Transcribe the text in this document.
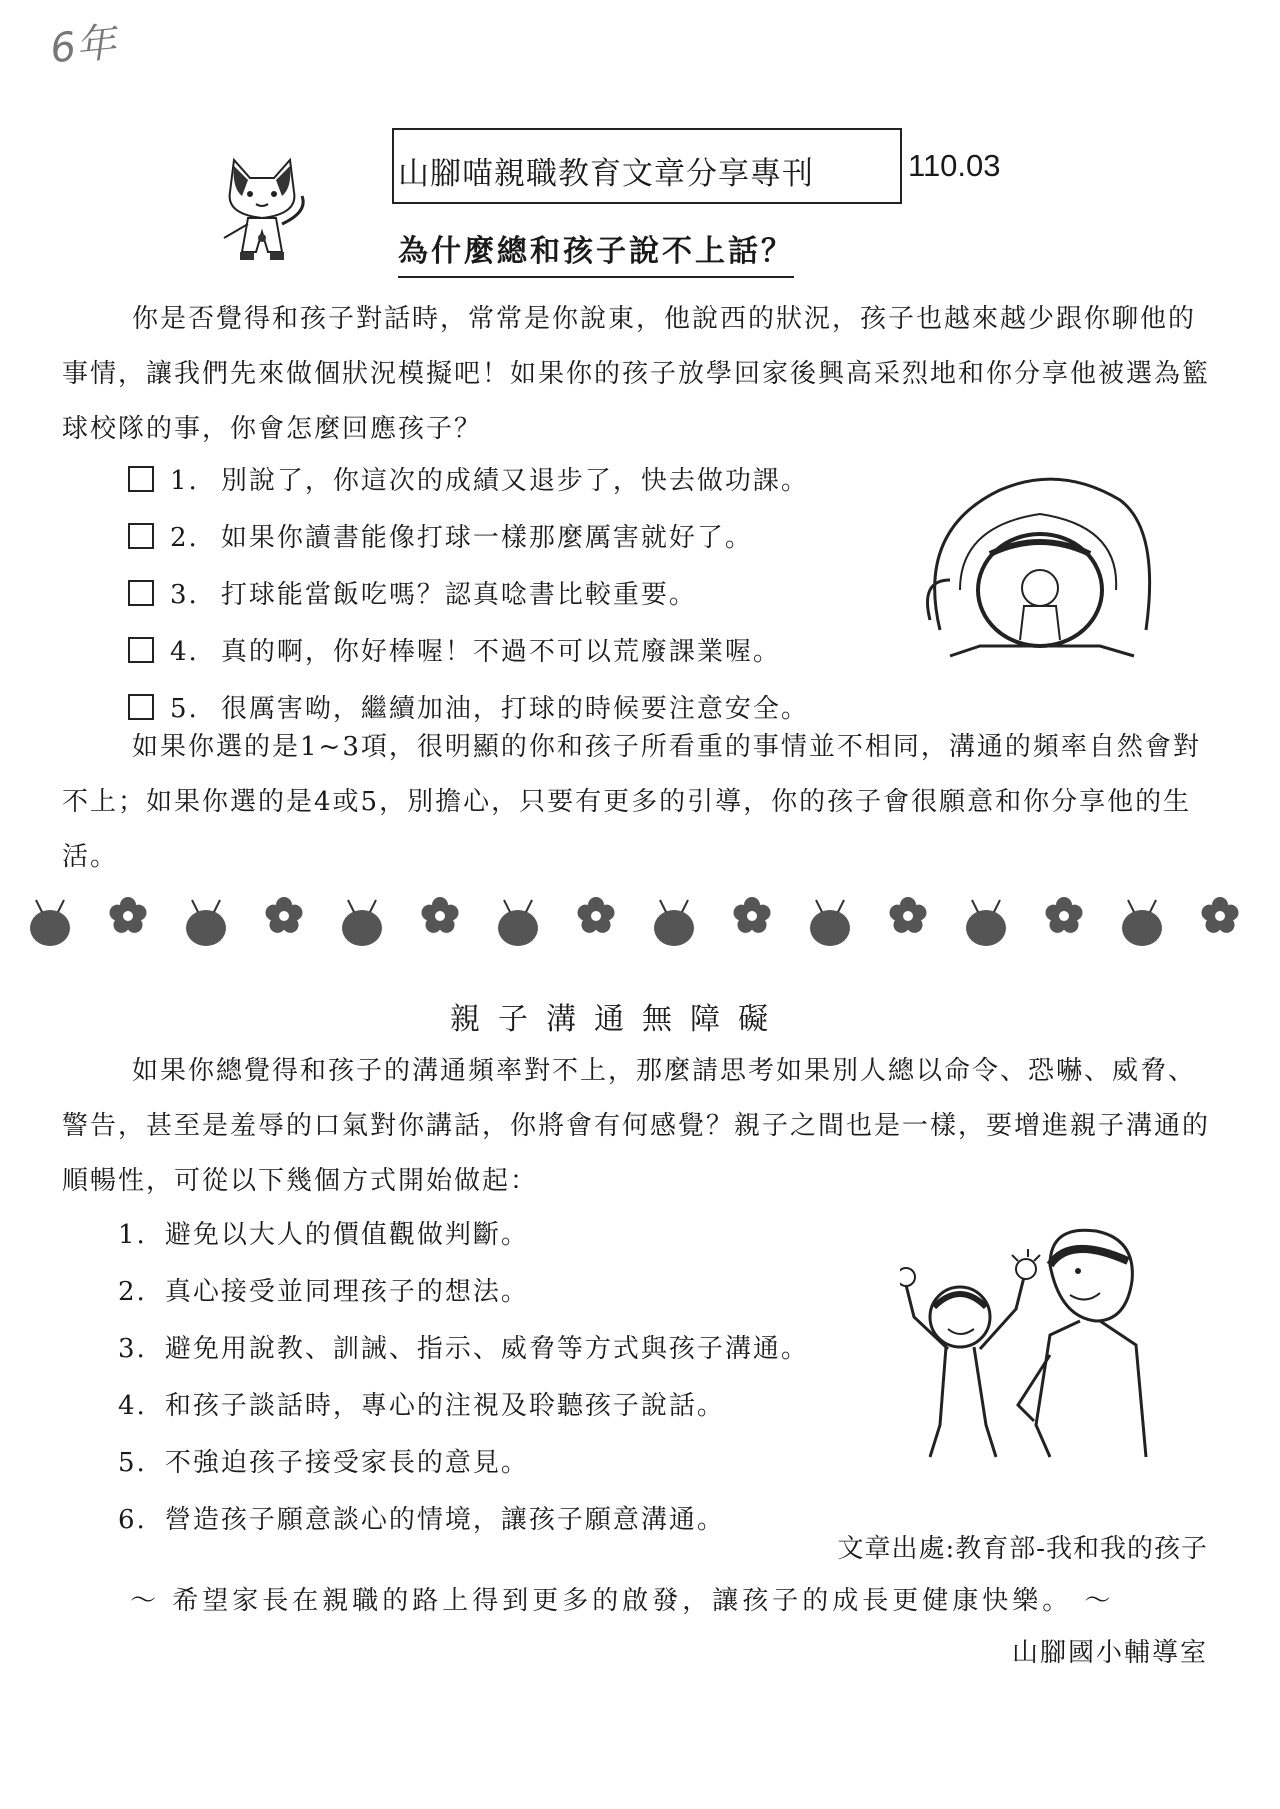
6年
山腳喵親職教育文章分享專刊	110.03
為什麼總和孩子說不上話？
你是否覺得和孩子對話時，常常是你說東，他說西的狀況，孩子也越來越少跟你聊他的事情，讓我們先來做個狀況模擬吧！如果你的孩子放學回家後興高采烈地和你分享他被選為籃球校隊的事，你會怎麼回應孩子？
1. 別說了，你這次的成績又退步了，快去做功課。
2. 如果你讀書能像打球一樣那麼厲害就好了。
3. 打球能當飯吃嗎？認真唸書比較重要。
4. 真的啊，你好棒喔！不過不可以荒廢課業喔。
5. 很厲害呦，繼續加油，打球的時候要注意安全。
如果你選的是1~3項，很明顯的你和孩子所看重的事情並不相同，溝通的頻率自然會對不上；如果你選的是4或5，別擔心，只要有更多的引導，你的孩子會很願意和你分享他的生活。
親子溝通無障礙
如果你總覺得和孩子的溝通頻率對不上，那麼請思考如果別人總以命令、恐嚇、威脅、警告，甚至是羞辱的口氣對你講話，你將會有何感覺？親子之間也是一樣，要增進親子溝通的順暢性，可從以下幾個方式開始做起：
1. 避免以大人的價值觀做判斷。
2. 真心接受並同理孩子的想法。
3. 避免用說教、訓誡、指示、威脅等方式與孩子溝通。
4. 和孩子談話時，專心的注視及聆聽孩子說話。
5. 不強迫孩子接受家長的意見。
6. 營造孩子願意談心的情境，讓孩子願意溝通。
文章出處:教育部-我和我的孩子
～ 希望家長在親職的路上得到更多的啟發，讓孩子的成長更健康快樂。 ～
山腳國小輔導室
